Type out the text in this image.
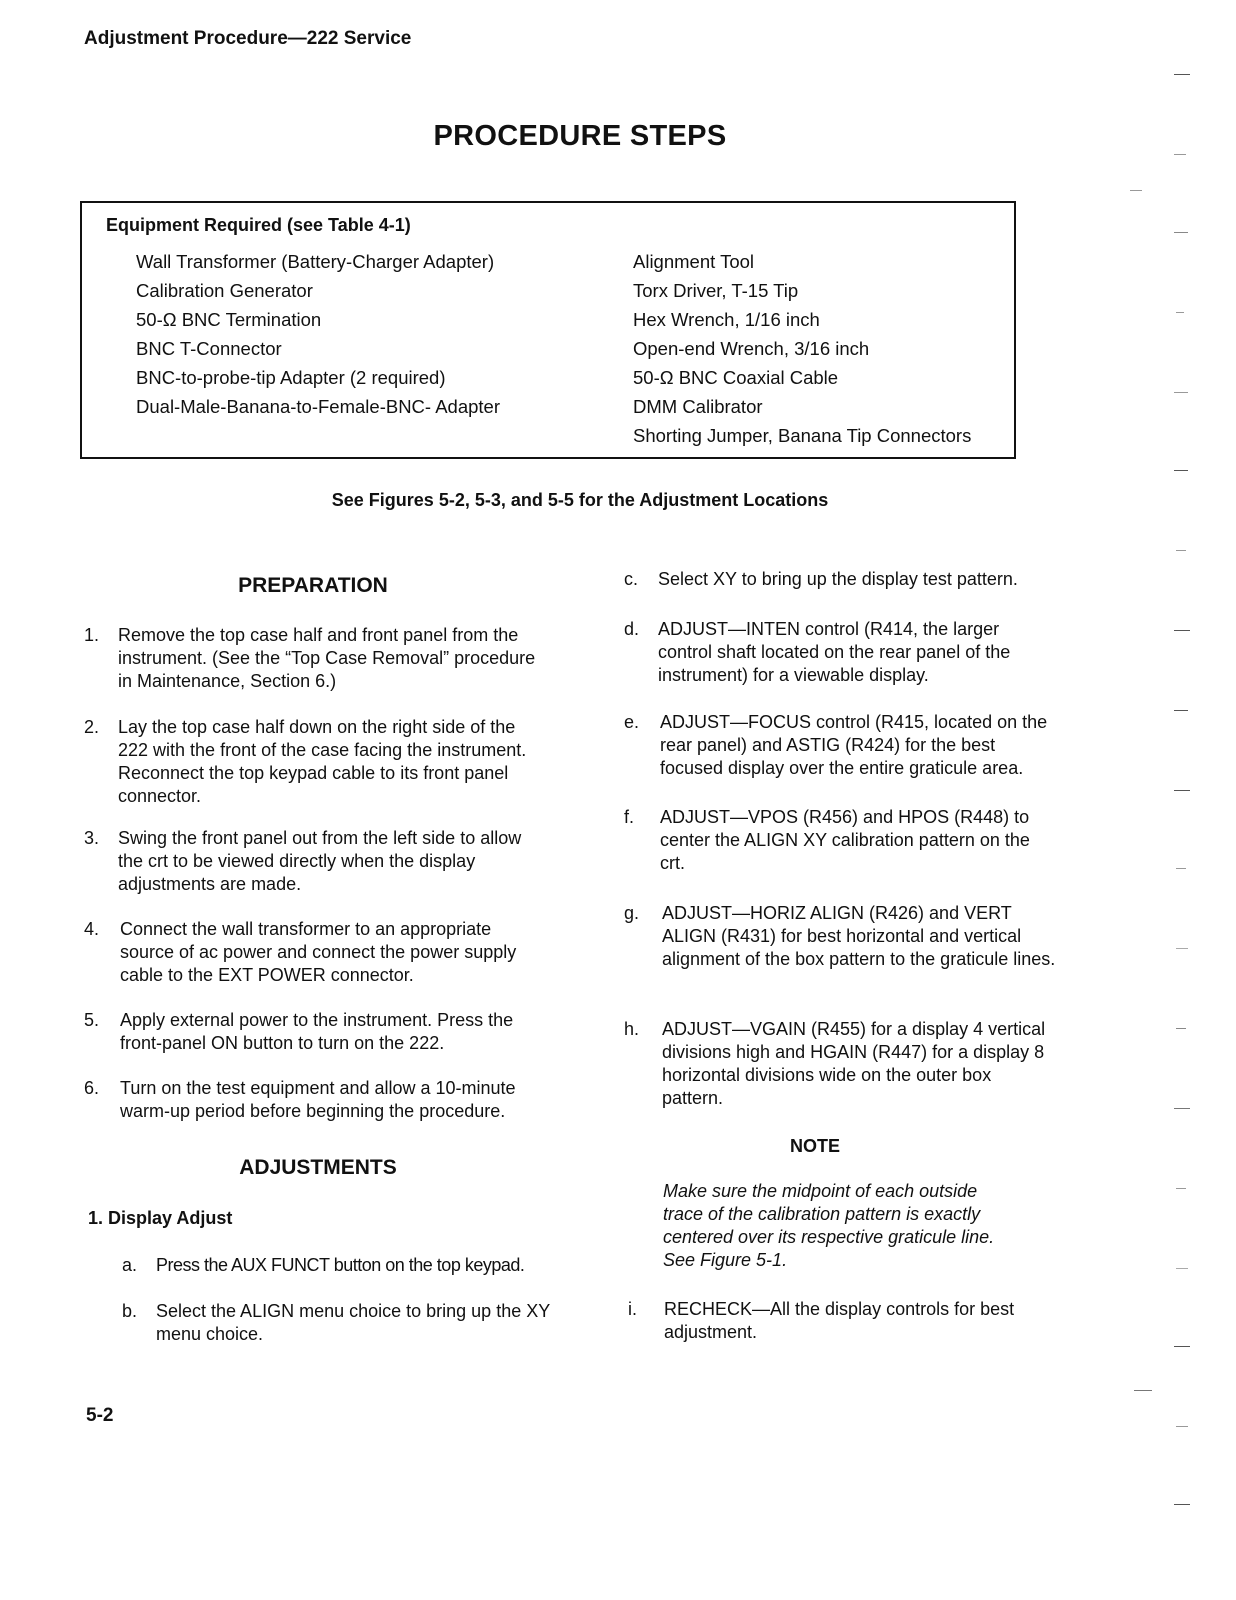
Adjustment Procedure—222 Service
PROCEDURE STEPS
Equipment Required (see Table 4-1)
Wall Transformer (Battery-Charger Adapter)
Calibration Generator
50-Ω BNC Termination
BNC T-Connector
BNC-to-probe-tip Adapter (2 required)
Dual-Male-Banana-to-Female-BNC- Adapter
Alignment Tool
Torx Driver, T-15 Tip
Hex Wrench, 1/16 inch
Open-end Wrench, 3/16 inch
50-Ω BNC Coaxial Cable
DMM Calibrator
Shorting Jumper, Banana Tip Connectors
See Figures 5-2, 5-3, and 5-5 for the Adjustment Locations
PREPARATION
1. Remove the top case half and front panel from the instrument. (See the “Top Case Removal” procedure in Maintenance, Section 6.)
2. Lay the top case half down on the right side of the 222 with the front of the case facing the instrument. Reconnect the top keypad cable to its front panel connector.
3. Swing the front panel out from the left side to allow the crt to be viewed directly when the display adjustments are made.
4. Connect the wall transformer to an appropriate source of ac power and connect the power supply cable to the EXT POWER connector.
5. Apply external power to the instrument. Press the front-panel ON button to turn on the 222.
6. Turn on the test equipment and allow a 10-minute warm-up period before beginning the procedure.
ADJUSTMENTS
1. Display Adjust
a. Press the AUX FUNCT button on the top keypad.
b. Select the ALIGN menu choice to bring up the XY menu choice.
c. Select XY to bring up the display test pattern.
d. ADJUST—INTEN control (R414, the larger control shaft located on the rear panel of the instrument) for a viewable display.
e. ADJUST—FOCUS control (R415, located on the rear panel) and ASTIG (R424) for the best focused display over the entire graticule area.
f. ADJUST—VPOS (R456) and HPOS (R448) to center the ALIGN XY calibration pattern on the crt.
g. ADJUST—HORIZ ALIGN (R426) and VERT ALIGN (R431) for best horizontal and vertical alignment of the box pattern to the graticule lines.
h. ADJUST—VGAIN (R455) for a display 4 vertical divisions high and HGAIN (R447) for a display 8 horizontal divisions wide on the outer box pattern.
NOTE
Make sure the midpoint of each outside trace of the calibration pattern is exactly centered over its respective graticule line. See Figure 5-1.
i. RECHECK—All the display controls for best adjustment.
5-2
